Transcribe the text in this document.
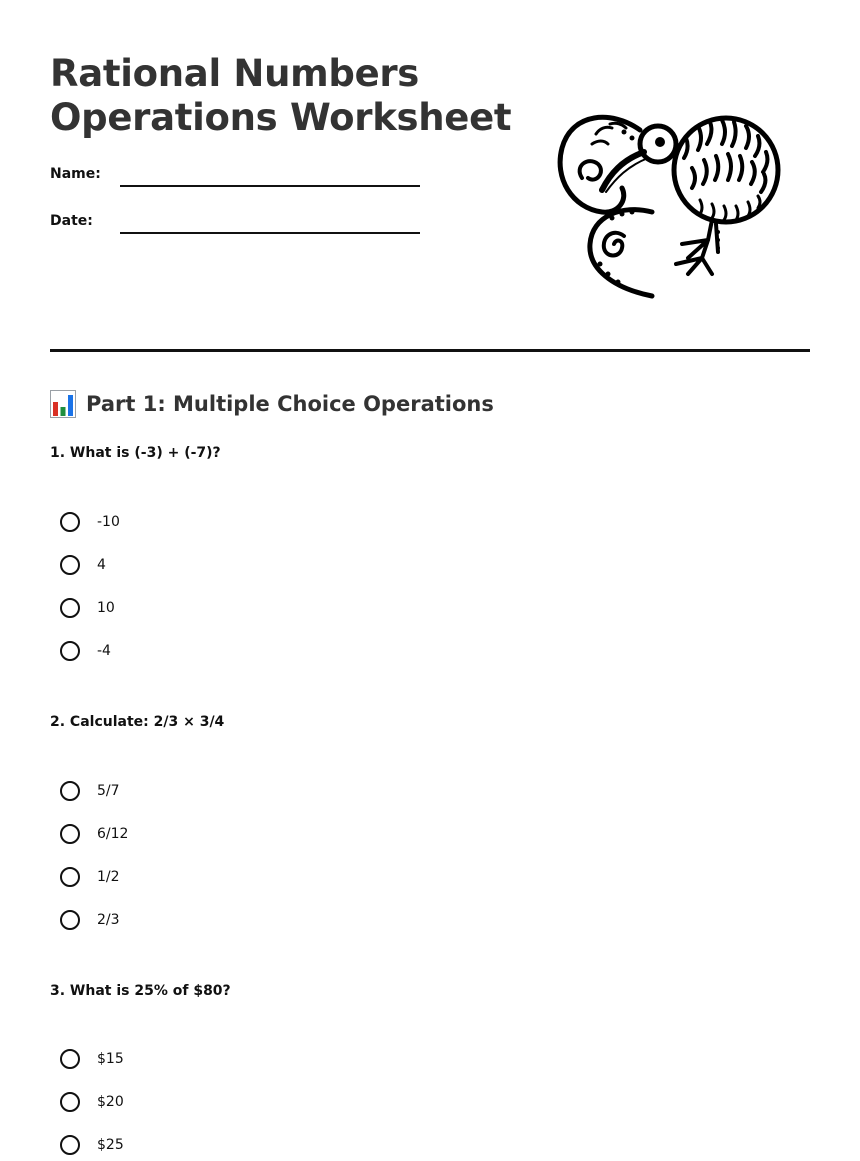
Rational Numbers
Operations Worksheet
Name:
Date:
Part 1: Multiple Choice Operations
1. What is (-3) + (-7)?
-10
4
10
-4
2. Calculate: 2/3 × 3/4
5/7
6/12
1/2
2/3
3. What is 25% of $80?
$15
$20
$25
